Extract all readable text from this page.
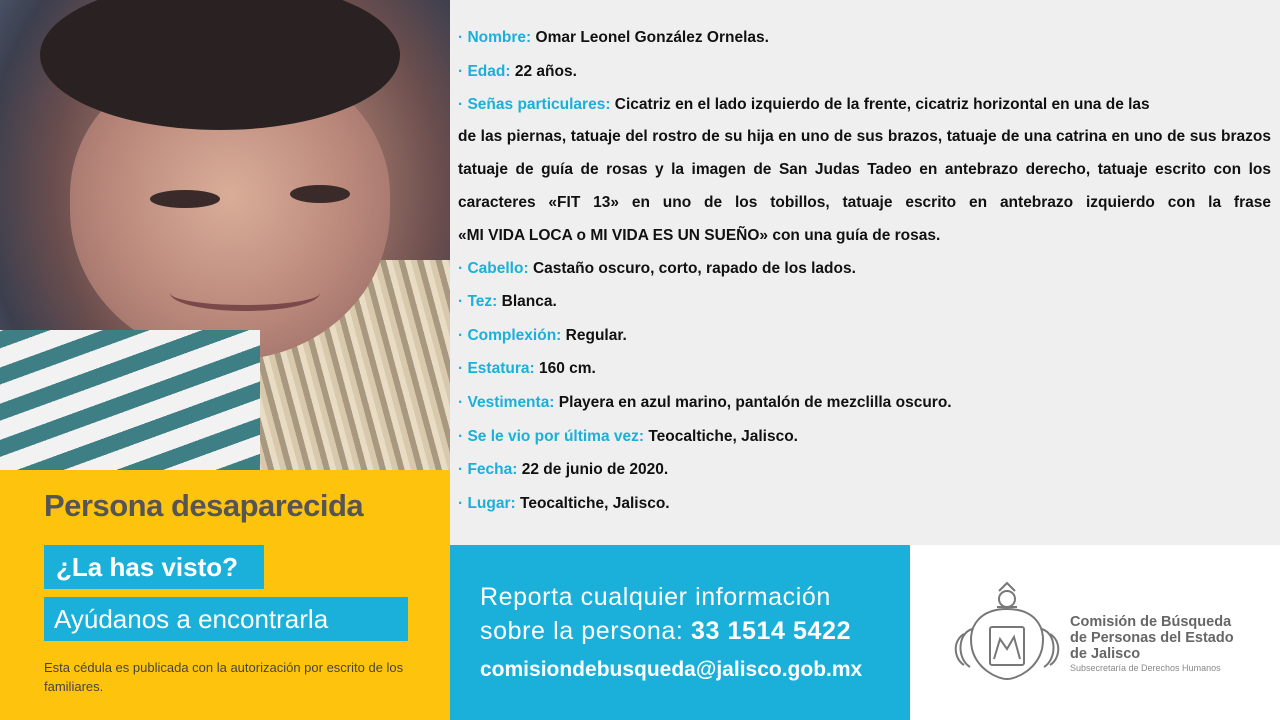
· Nombre: Omar Leonel González Ornelas.
· Edad: 22 años.
· Señas particulares: Cicatriz en el lado izquierdo de la frente, cicatriz horizontal en una de las
de las piernas, tatuaje del rostro de su hija en uno de sus brazos, tatuaje de una catrina en uno de sus brazos
tatuaje de guía de rosas y la imagen de San Judas Tadeo en antebrazo derecho, tatuaje escrito con los
caracteres «FIT 13» en uno de los tobillos, tatuaje escrito en antebrazo izquierdo con la frase
«MI VIDA LOCA o MI VIDA ES UN SUEÑO» con una guía de rosas.
· Cabello: Castaño oscuro, corto, rapado de los lados.
· Tez: Blanca.
· Complexión: Regular.
· Estatura: 160 cm.
· Vestimenta: Playera en azul marino, pantalón de mezclilla oscuro.
· Se le vio por última vez: Teocaltiche, Jalisco.
· Fecha: 22 de junio de 2020.
· Lugar: Teocaltiche, Jalisco.
Persona desaparecida
¿La has visto?
Ayúdanos a encontrarla
Esta cédula es publicada con la autorización por escrito de los familiares.
Reporta cualquier información
sobre la persona: 33 1514 5422
comisiondebusqueda@jalisco.gob.mx
Comisión de Búsqueda
de Personas del Estado
de Jalisco
Subsecretaría de Derechos Humanos
